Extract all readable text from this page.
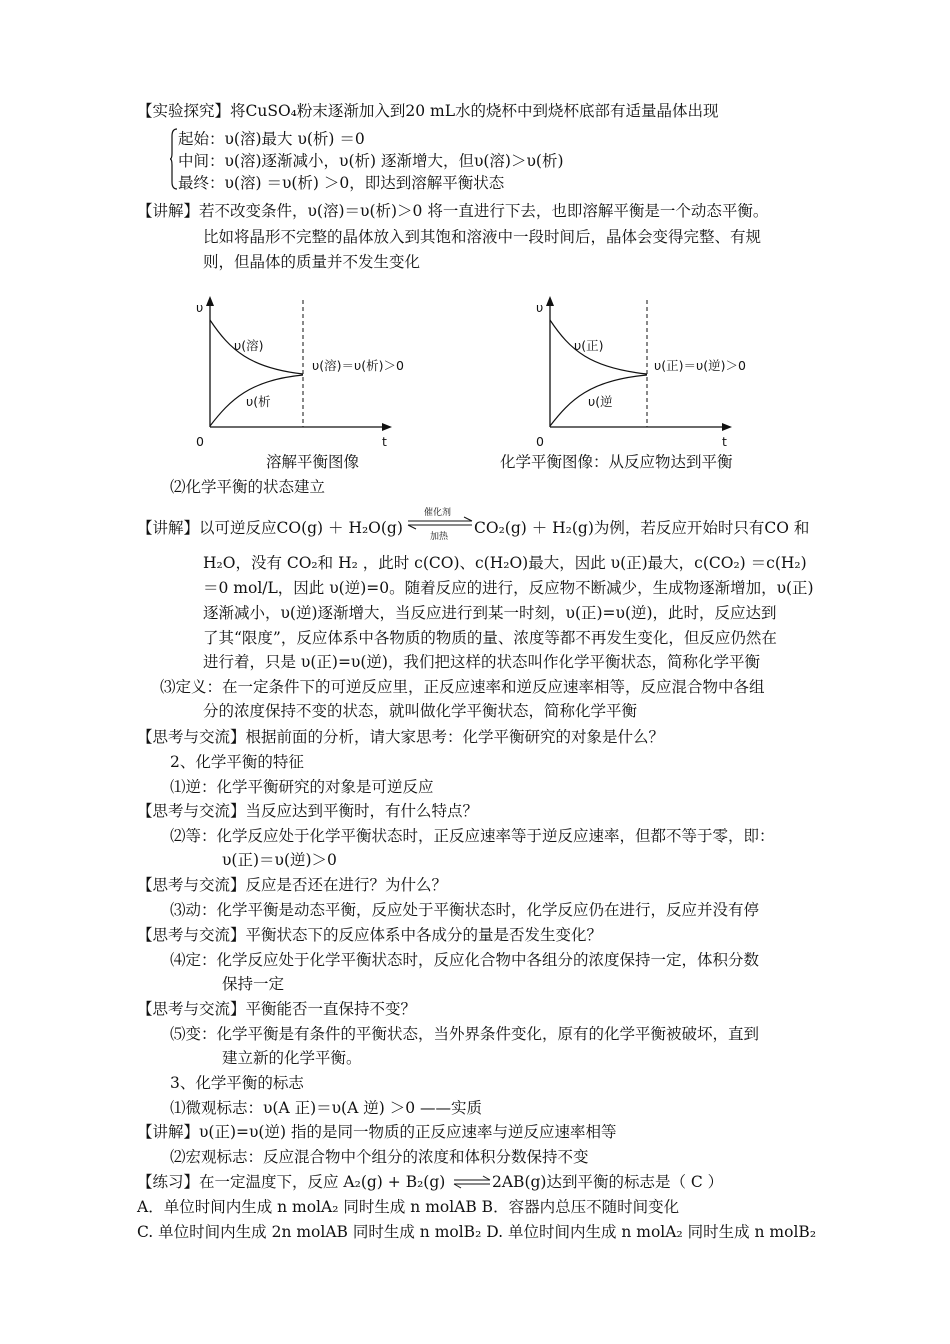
【实验探究】将CuSO₄粉末逐渐加入到20 mL水的烧杯中到烧杯底部有适量晶体出现
起始：υ(溶)最大 υ(析) ＝0
中间：υ(溶)逐渐减小，υ(析) 逐渐增大，但υ(溶)＞υ(析)
最终：υ(溶) ＝υ(析) ＞0，即达到溶解平衡状态
【讲解】若不改变条件，υ(溶)＝υ(析)＞0 将一直进行下去，也即溶解平衡是一个动态平衡。
比如将晶形不完整的晶体放入到其饱和溶液中一段时间后，晶体会变得完整、有规
则，但晶体的质量并不发生变化
υ
t
0
υ(溶)
υ(析
υ(溶)＝υ(析)＞0
溶解平衡图像
υ
t
0
υ(正)
υ(逆
υ(正)＝υ(逆)＞0
化学平衡图像：从反应物达到平衡
⑵化学平衡的状态建立
【讲解】以可逆反应CO(g) ＋ H₂O(g)
催化剂
加热 CO₂(g) ＋ H₂(g)为例，若反应开始时只有CO 和
H₂O，没有 CO₂和 H₂ ，此时 c(CO)、c(H₂O)最大，因此 υ(正)最大，c(CO₂) ＝c(H₂)
＝0 mol/L，因此 υ(逆)=0。随着反应的进行，反应物不断减少，生成物逐渐增加，υ(正)
逐渐减小，υ(逆)逐渐增大，当反应进行到某一时刻，υ(正)=υ(逆)，此时，反应达到
了其“限度”，反应体系中各物质的物质的量、浓度等都不再发生变化，但反应仍然在
进行着，只是 υ(正)=υ(逆)，我们把这样的状态叫作化学平衡状态，简称化学平衡
⑶定义：在一定条件下的可逆反应里，正反应速率和逆反应速率相等，反应混合物中各组
分的浓度保持不变的状态，就叫做化学平衡状态，简称化学平衡
【思考与交流】根据前面的分析，请大家思考：化学平衡研究的对象是什么？
2、化学平衡的特征
⑴逆：化学平衡研究的对象是可逆反应
【思考与交流】当反应达到平衡时，有什么特点？
⑵等：化学反应处于化学平衡状态时，正反应速率等于逆反应速率，但都不等于零，即：
υ(正)＝υ(逆)＞0
【思考与交流】反应是否还在进行？为什么？
⑶动：化学平衡是动态平衡，反应处于平衡状态时，化学反应仍在进行，反应并没有停
【思考与交流】平衡状态下的反应体系中各成分的量是否发生变化？
⑷定：化学反应处于化学平衡状态时，反应化合物中各组分的浓度保持一定，体积分数
保持一定
【思考与交流】平衡能否一直保持不变？
⑸变：化学平衡是有条件的平衡状态，当外界条件变化，原有的化学平衡被破坏，直到
建立新的化学平衡。
3、化学平衡的标志
⑴微观标志：υ(A 正)＝υ(A 逆) ＞0 ——实质
【讲解】υ(正)=υ(逆) 指的是同一物质的正反应速率与逆反应速率相等
⑵宏观标志：反应混合物中个组分的浓度和体积分数保持不变
【练习】在一定温度下，反应 A₂(g) + B₂(g)	2AB(g)达到平衡的标志是（ C ）
A．单位时间内生成 n molA₂ 同时生成 n molAB B．容器内总压不随时间变化
C. 单位时间内生成 2n molAB 同时生成 n molB₂ D. 单位时间内生成 n molA₂ 同时生成 n molB₂
